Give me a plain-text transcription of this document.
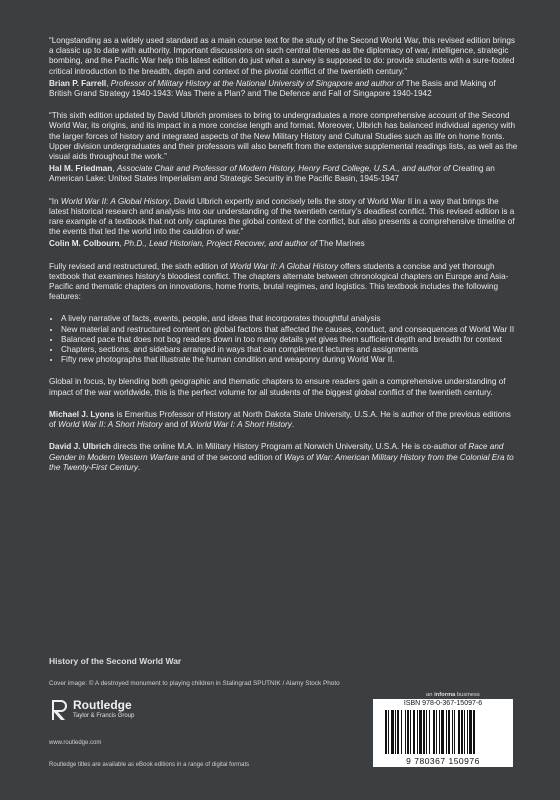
“Longstanding as a widely used standard as a main course text for the study of the Second World War, this revised edition brings a classic up to date with authority. Important discussions on such central themes as the diplomacy of war, intelligence, strategic bombing, and the Pacific War help this latest edition do just what a survey is supposed to do: provide students with a sure-footed critical introduction to the breadth, depth and context of the pivotal conflict of the twentieth century.”

Brian P. Farrell, Professor of Military History at the National University of Singapore and author of The Basis and Making of British Grand Strategy 1940-1943: Was There a Plan? and The Defence and Fall of Singapore 1940-1942

“This sixth edition updated by David Ulbrich promises to bring to undergraduates a more comprehensive account of the Second World War, its origins, and its impact in a more concise length and format. Moreover, Ulbrich has balanced individual agency with the larger forces of history and integrated aspects of the New Military History and Cultural Studies such as life on home fronts. Upper division undergraduates and their professors will also benefit from the extensive supplemental readings lists, as well as the visual aids throughout the work.”

Hal M. Friedman, Associate Chair and Professor of Modern History, Henry Ford College, U.S.A., and author of Creating an American Lake: United States Imperialism and Strategic Security in the Pacific Basin, 1945-1947

“In World War II: A Global History, David Ulbrich expertly and concisely tells the story of World War II in a way that brings the latest historical research and analysis into our understanding of the twentieth century’s deadliest conflict. This revised edition is a rare example of a textbook that not only captures the global context of the conflict, but also presents a comprehensive timeline of the events that led the world into the cauldron of war.”

Colin M. Colbourn, Ph.D., Lead Historian, Project Recover, and author of The Marines

Fully revised and restructured, the sixth edition of World War II: A Global History offers students a concise and yet thorough textbook that examines history’s bloodiest conflict. The chapters alternate between chronological chapters on Europe and Asia-Pacific and thematic chapters on innovations, home fronts, brutal regimes, and logistics. This textbook includes the following features:

• A lively narrative of facts, events, people, and ideas that incorporates thoughtful analysis
• New material and restructured content on global factors that affected the causes, conduct, and consequences of World War II
• Balanced pace that does not bog readers down in too many details yet gives them sufficient depth and breadth for context
• Chapters, sections, and sidebars arranged in ways that can complement lectures and assignments
• Fifty new photographs that illustrate the human condition and weaponry during World War II.

Global in focus, by blending both geographic and thematic chapters to ensure readers gain a comprehensive understanding of impact of the war worldwide, this is the perfect volume for all students of the biggest global conflict of the twentieth century.

Michael J. Lyons is Emeritus Professor of History at North Dakota State University, U.S.A. He is author of the previous editions of World War II: A Short History and of World War I: A Short History.

David J. Ulbrich directs the online M.A. in Military History Program at Norwich University, U.S.A. He is co-author of Race and Gender in Modern Western Warfare and of the second edition of Ways of War: American Military History from the Colonial Era to the Twenty-First Century.

History of the Second World War
Cover image: © A destroyed monument to playing children in Stalingrad SPUTNIK / Alamy Stock Photo
Routledge
Taylor & Francis Group
www.routledge.com
Routledge titles are available as eBook editions in a range of digital formats
an informa business
ISBN 978-0-367-15097-6
9 780367 150976
